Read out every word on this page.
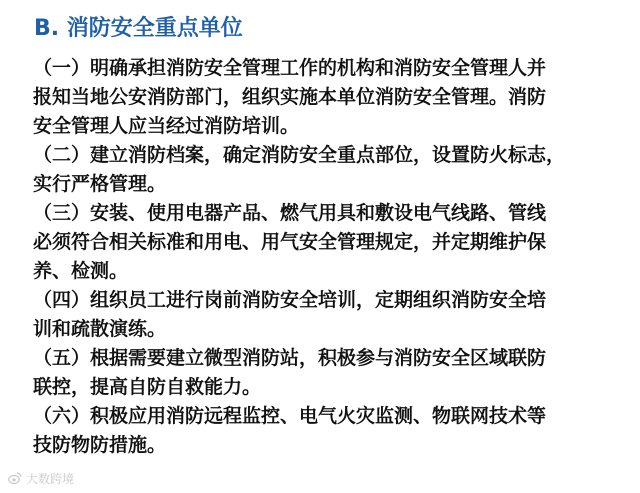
B. 消防安全重点单位
（一）明确承担消防安全管理工作的机构和消防安全管理人并
报知当地公安消防部门，组织实施本单位消防安全管理。消防
安全管理人应当经过消防培训。
（二）建立消防档案，确定消防安全重点部位，设置防火标志，
实行严格管理。
（三）安装、使用电器产品、燃气用具和敷设电气线路、管线
必须符合相关标准和用电、用气安全管理规定，并定期维护保
养、检测。
（四）组织员工进行岗前消防安全培训，定期组织消防安全培
训和疏散演练。
（五）根据需要建立微型消防站，积极参与消防安全区域联防
联控，提高自防自救能力。
（六）积极应用消防远程监控、电气火灾监测、物联网技术等
技防物防措施。
大数跨境
